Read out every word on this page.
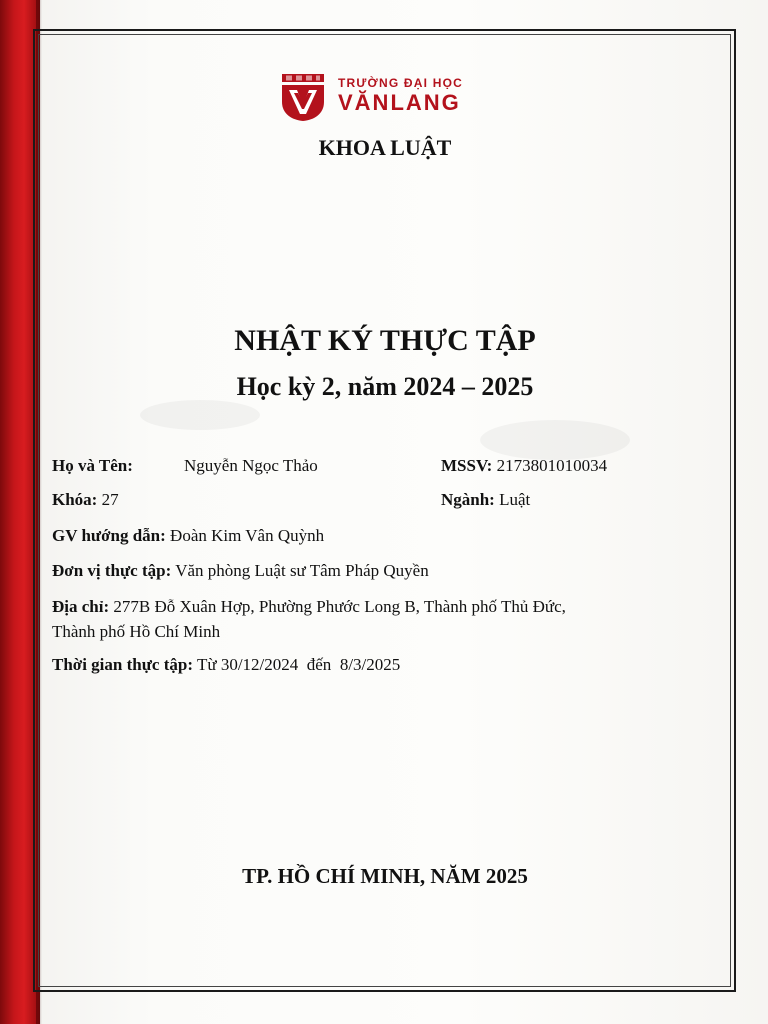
TRƯỜNG ĐẠI HỌC
VĂNLANG
KHOA LUẬT
NHẬT KÝ THỰC TẬP
Học kỳ 2, năm 2024 – 2025
Họ và Tên:	Nguyễn Ngọc Thảo	MSSV: 2173801010034
Khóa: 27	Ngành: Luật
GV hướng dẫn: Đoàn Kim Vân Quỳnh
Đơn vị thực tập: Văn phòng Luật sư Tâm Pháp Quyền
Địa chỉ: 277B Đỗ Xuân Hợp, Phường Phước Long B, Thành phố Thủ Đức,
Thành phố Hồ Chí Minh
Thời gian thực tập: Từ 30/12/2024 đến 8/3/2025
TP. HỒ CHÍ MINH, NĂM 2025
